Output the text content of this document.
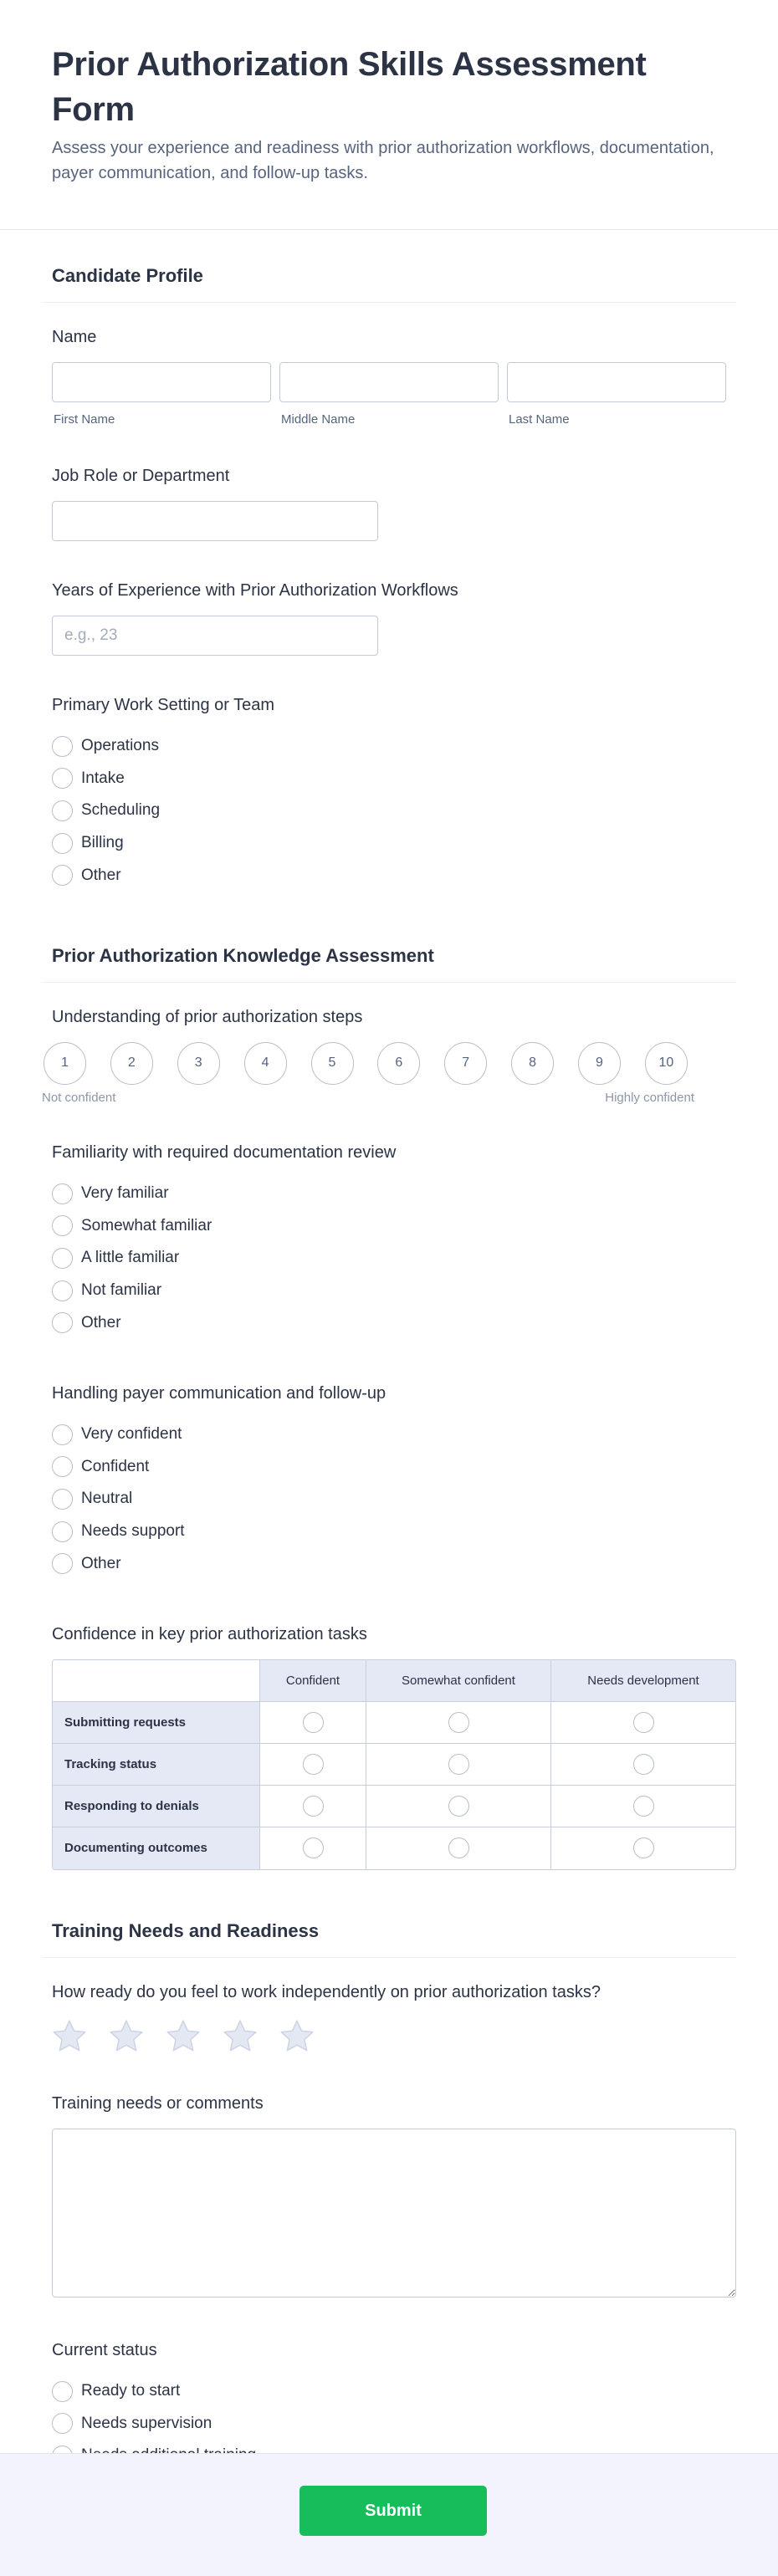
Prior Authorization Skills Assessment Form

Assess your experience and readiness with prior authorization workflows, documentation, payer communication, and follow-up tasks.

Candidate Profile
Name
First Name	Middle Name	Last Name
Job Role or Department
Years of Experience with Prior Authorization Workflows
e.g., 23
Primary Work Setting or Team
Operations
Intake
Scheduling
Billing
Other
Prior Authorization Knowledge Assessment
Understanding of prior authorization steps
1	2	3	4	5	6	7	8	9	10
Not confident	Highly confident
Familiarity with required documentation review
Very familiar
Somewhat familiar
A little familiar
Not familiar
Other
Handling payer communication and follow-up
Very confident
Confident
Neutral
Needs support
Other
Confidence in key prior authorization tasks
	Confident	Somewhat confident	Needs development
Submitting requests			
Tracking status			
Responding to denials			
Documenting outcomes			
Training Needs and Readiness
How ready do you feel to work independently on prior authorization tasks?
Training needs or comments
Current status
Ready to start
Needs supervision
Submit
